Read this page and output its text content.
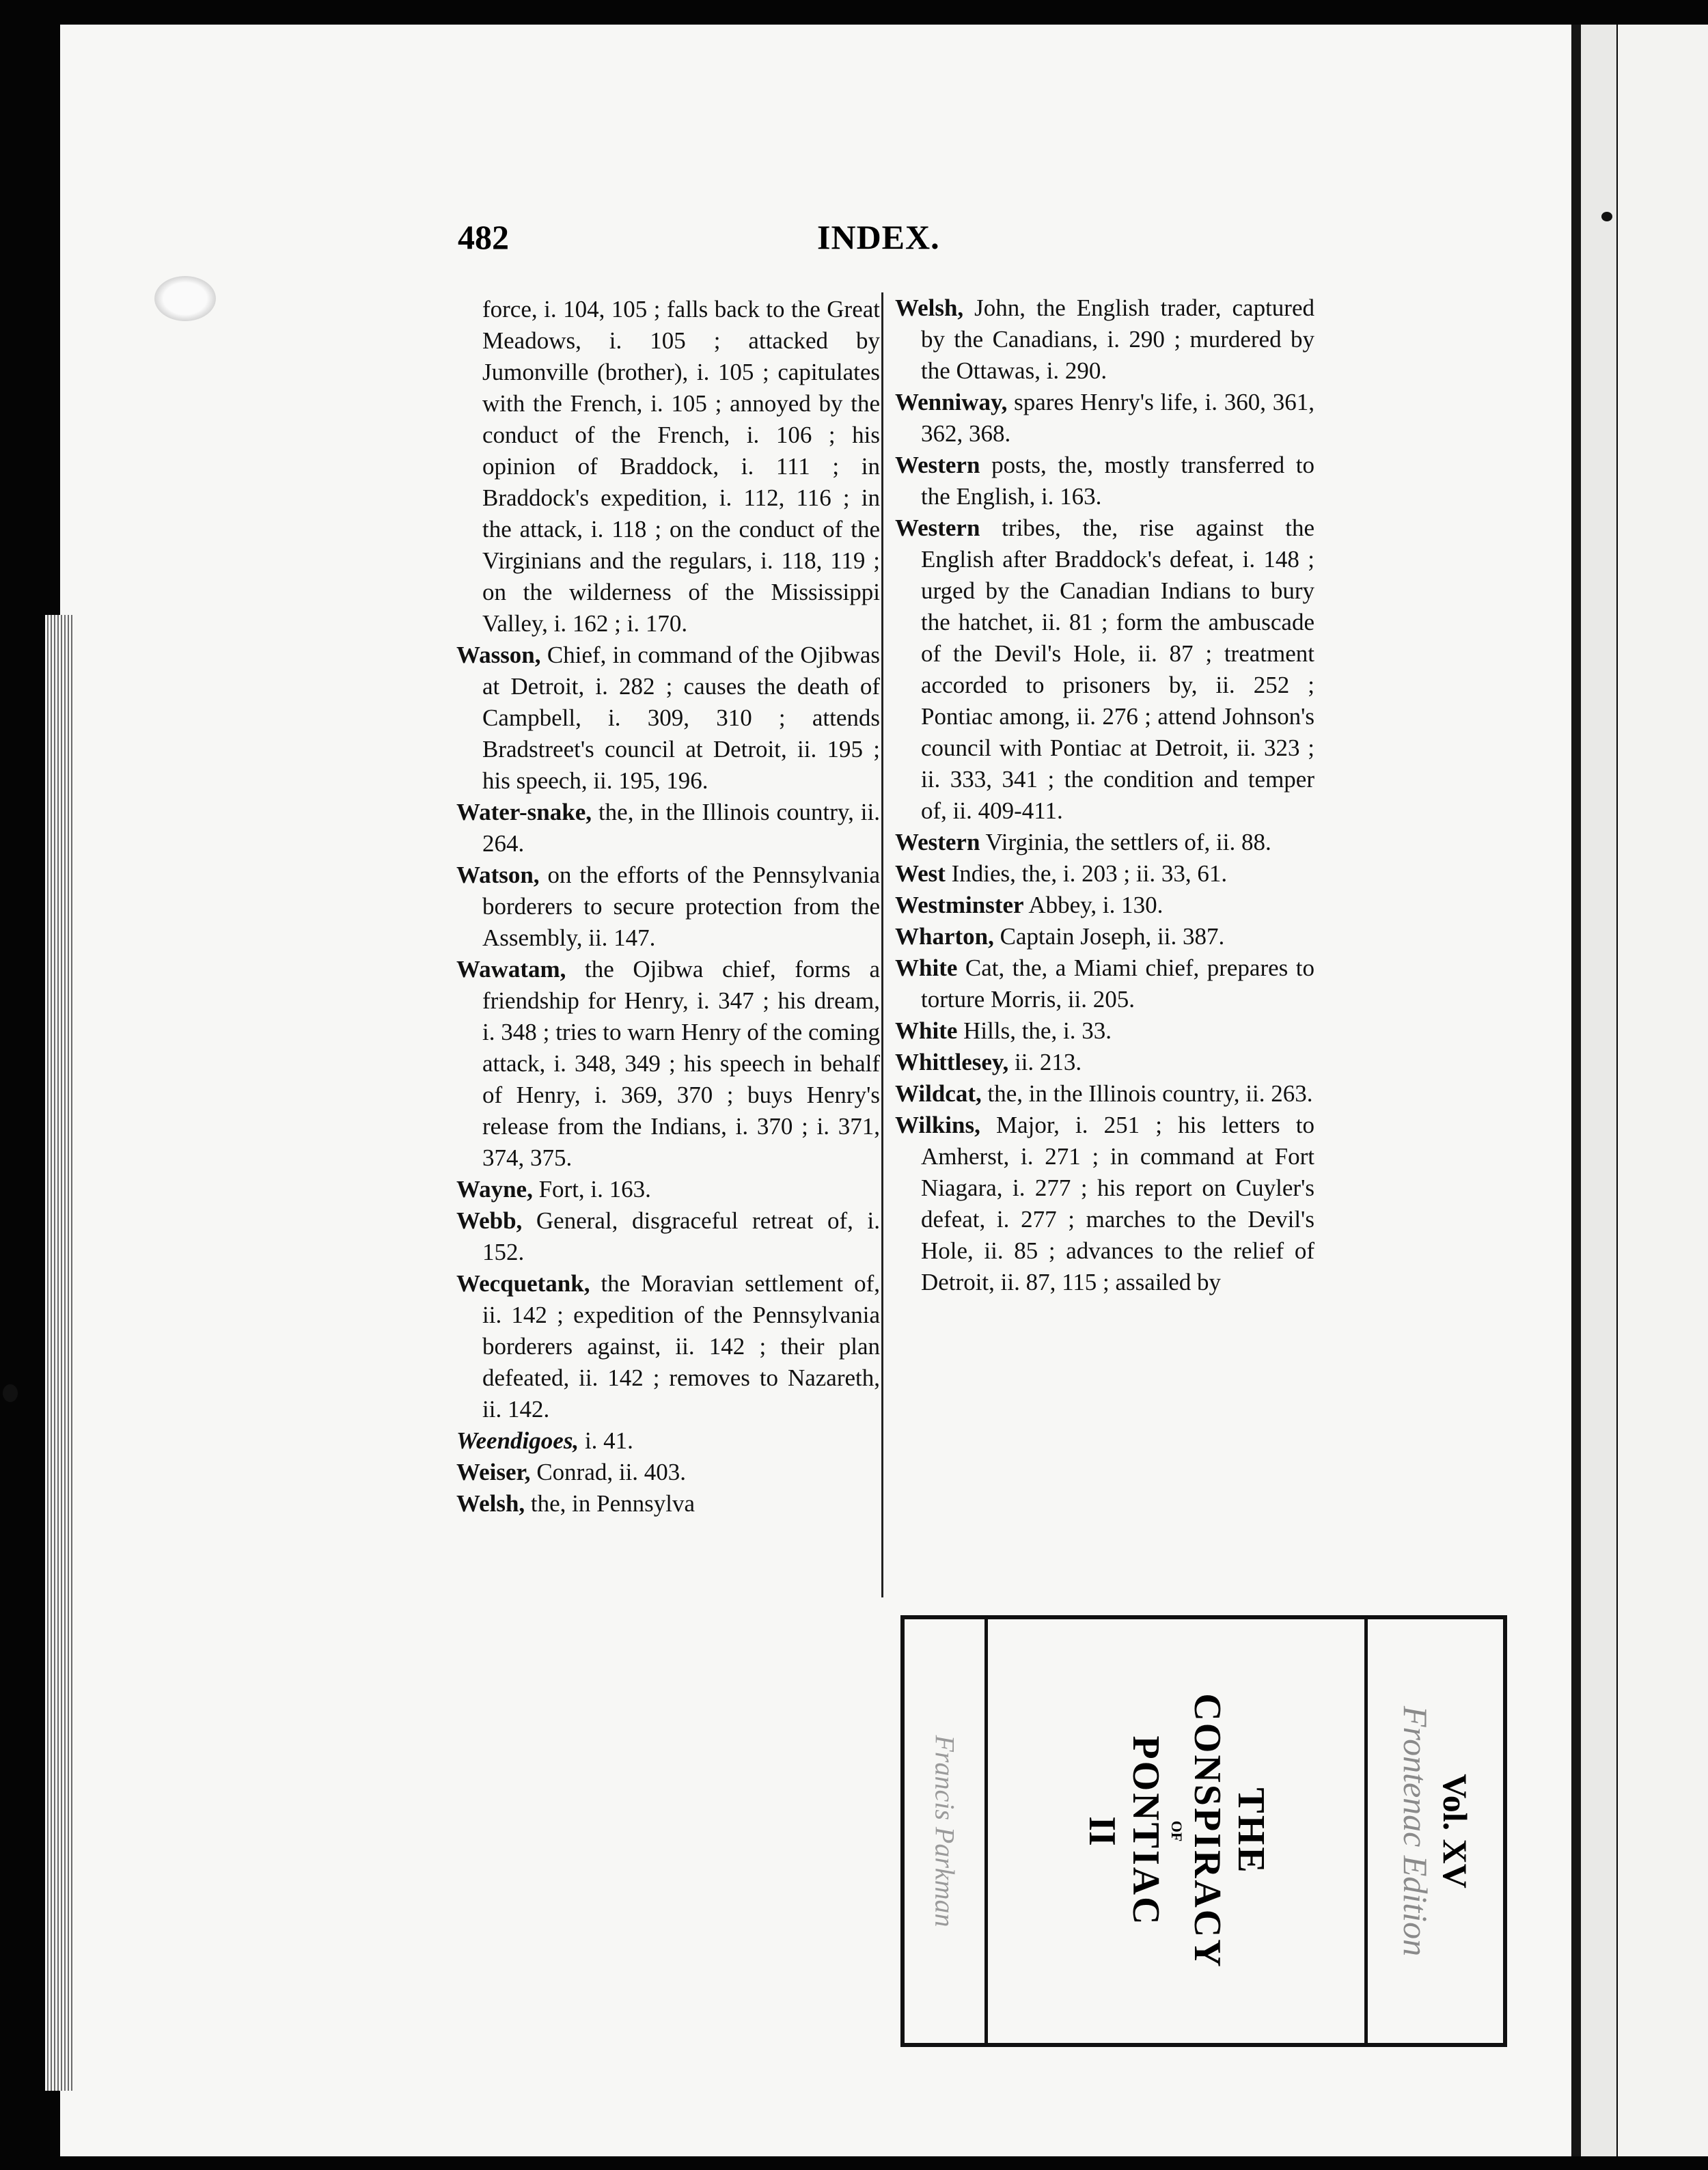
482	INDEX.

force, i. 104, 105 ; falls back to the Great Meadows, i. 105 ; attacked by Jumonville (brother), i. 105 ; capitulates with the French, i. 105 ; annoyed by the conduct of the French, i. 106 ; his opinion of Braddock, i. 111 ; in Braddock's expedition, i. 112, 116 ; in the attack, i. 118 ; on the conduct of the Virginians and the regulars, i. 118, 119 ; on the wilderness of the Mississippi Valley, i. 162 ; i. 170.

Wasson, Chief, in command of the Ojibwas at Detroit, i. 282 ; causes the death of Campbell, i. 309, 310 ; attends Bradstreet's council at Detroit, ii. 195 ; his speech, ii. 195, 196.

Water-snake, the, in the Illinois country, ii. 264.

Watson, on the efforts of the Pennsylvania borderers to secure protection from the Assembly, ii. 147.

Wawatam, the Ojibwa chief, forms a friendship for Henry, i. 347 ; his dream, i. 348 ; tries to warn Henry of the coming attack, i. 348, 349 ; his speech in behalf of Henry, i. 369, 370 ; buys Henry's release from the Indians, i. 370 ; i. 371, 374, 375.

Wayne, Fort, i. 163.

Webb, General, disgraceful retreat of, i. 152.

Wecquetank, the Moravian settlement of, ii. 142 ; expedition of the Pennsylvania borderers against, ii. 142 ; their plan defeated, ii. 142 ; removes to Nazareth, ii. 142.

Weendigoes, i. 41.

Weiser, Conrad, ii. 403.

Welsh, the, in Pennsylva

Welsh, John, the English trader, captured by the Canadians, i. 290 ; murdered by the Ottawas, i. 290.

Wenniway, spares Henry's life, i. 360, 361, 362, 368.

Western posts, the, mostly transferred to the English, i. 163.

Western tribes, the, rise against the English after Braddock's defeat, i. 148 ; urged by the Canadian Indians to bury the hatchet, ii. 81 ; form the ambuscade of the Devil's Hole, ii. 87 ; treatment accorded to prisoners by, ii. 252 ; Pontiac among, ii. 276 ; attend Johnson's council with Pontiac at Detroit, ii. 323 ; ii. 333, 341 ; the condition and temper of, ii. 409-411.

Western Virginia, the settlers of, ii. 88.

West Indies, the, i. 203 ; ii. 33, 61.

Westminster Abbey, i. 130.

Wharton, Captain Joseph, ii. 387.

White Cat, the, a Miami chief, prepares to torture Morris, ii. 205.

White Hills, the, i. 33.

Whittlesey, ii. 213.

Wildcat, the, in the Illinois country, ii. 263.

Wilkins, Major, i. 251 ; his letters to Amherst, i. 271 ; in command at Fort Niagara, i. 277 ; his report on Cuyler's defeat, i. 277 ; marches to the Devil's Hole, ii. 85 ; advances to the relief of Detroit, ii. 87, 115 ; assailed by

Francis Parkman	THE
CONSPIRACY
OF
PONTIAC
II	Vol. XV
Frontenac Edition
